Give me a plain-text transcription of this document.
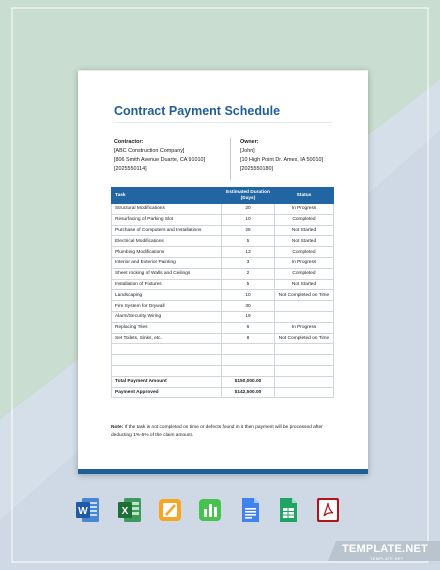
Contract Payment Schedule
Contractor:
[ABC Construction Company]
[806 Smith Avenue Duarte, CA 91010]
[2025550114]
Owner:
[John]
[10 High Point Dr. Ames, IA 50010]
[2025550180]
Task	Estimated Duration (Days)	Status
Structural Modifications	20	In Progress
Resurfacing of Parking Slot	10	Completed
Purchase of Computers and Installations	25	Not Started
Electrical Modifications	5	Not Started
Plumbing Modifications	13	Completed
Interior and Exterior Painting	3	In Progress
Sheet rocking of Walls and Ceilings	2	Completed
Installation of Fixtures	5	Not Started
Landscaping	10	Not Completed on Time
Fire System for Drywall	30	
Alarm/Security Wiring	19	
Replacing Tiles	6	In Progress
Set Toilets, Sinks, etc.	8	Not Completed on Time

Total Payment Amount	$150,000.00	
Payment Approved	$142,500.00	
Note: If the task is not completed on time or defects found in it then payment will be processed after deducting 1%-5% of the claim amount.
W	X
TEMPLATE.NET
TEMPLATE.NET
